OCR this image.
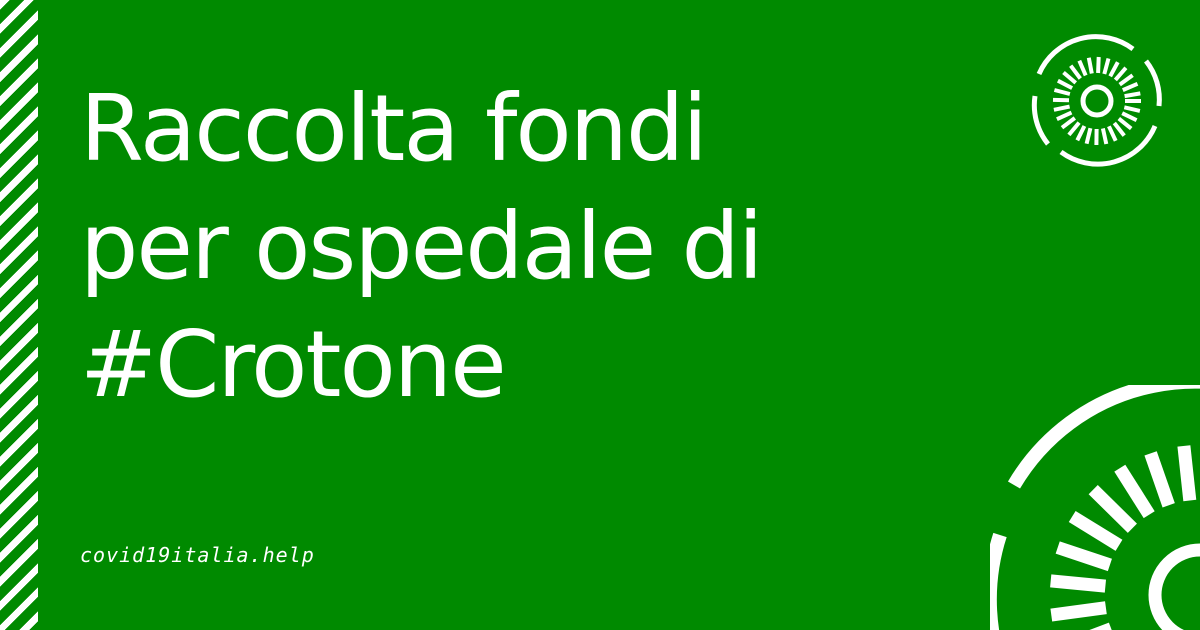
Raccolta fondi
per ospedale di
#Crotone
covid19italia.help
